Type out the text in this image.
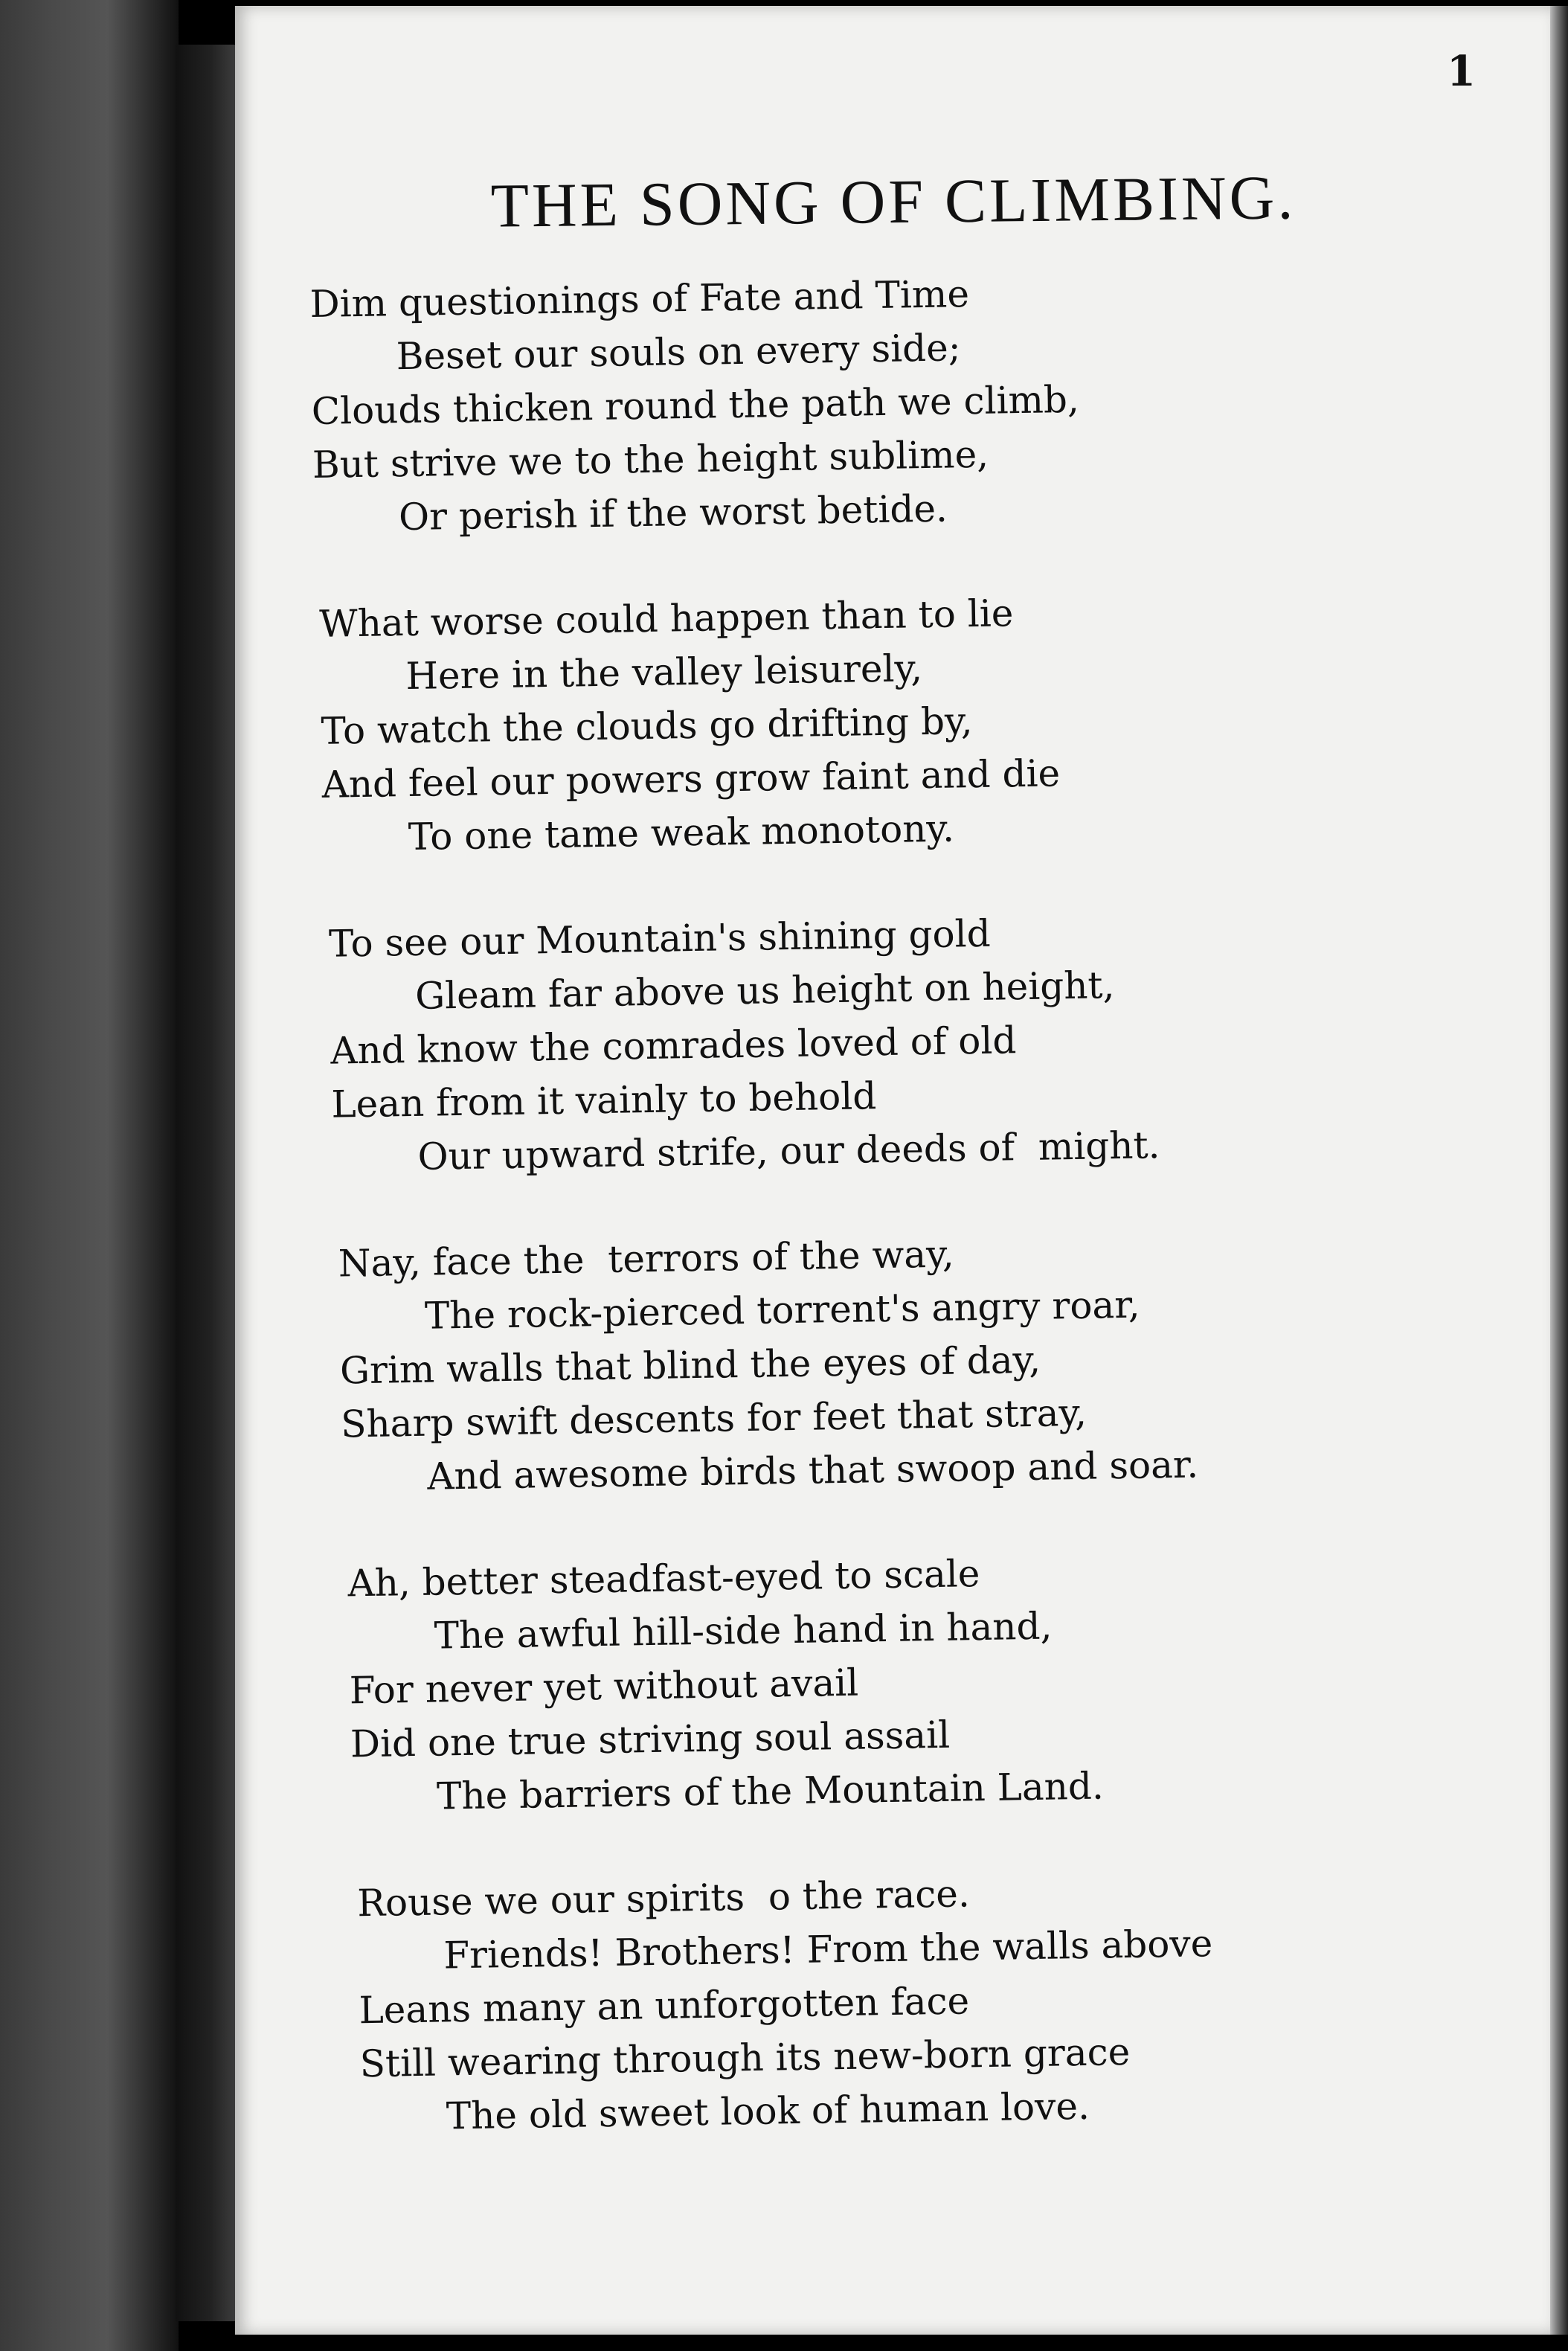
1
THE SONG OF CLIMBING.
Dim questionings of Fate and Time
Beset our souls on every side;
Clouds thicken round the path we climb,
But strive we to the height sublime,
Or perish if the worst betide.
What worse could happen than to lie
Here in the valley leisurely,
To watch the clouds go drifting by,
And feel our powers grow faint and die
To one tame weak monotony.
To see our Mountain's shining gold
Gleam far above us height on height,
And know the comrades loved of old
Lean from it vainly to behold
Our upward strife, our deeds of  might.
Nay, face the  terrors of the way,
The rock-pierced torrent's angry roar,
Grim walls that blind the eyes of day,
Sharp swift descents for feet that stray,
And awesome birds that swoop and soar.
Ah, better steadfast-eyed to scale
The awful hill-side hand in hand,
For never yet without avail
Did one true striving soul assail
The barriers of the Mountain Land.
Rouse we our spirits  o the race.
Friends! Brothers! From the walls above
Leans many an unforgotten face
Still wearing through its new-born grace
The old sweet look of human love.
